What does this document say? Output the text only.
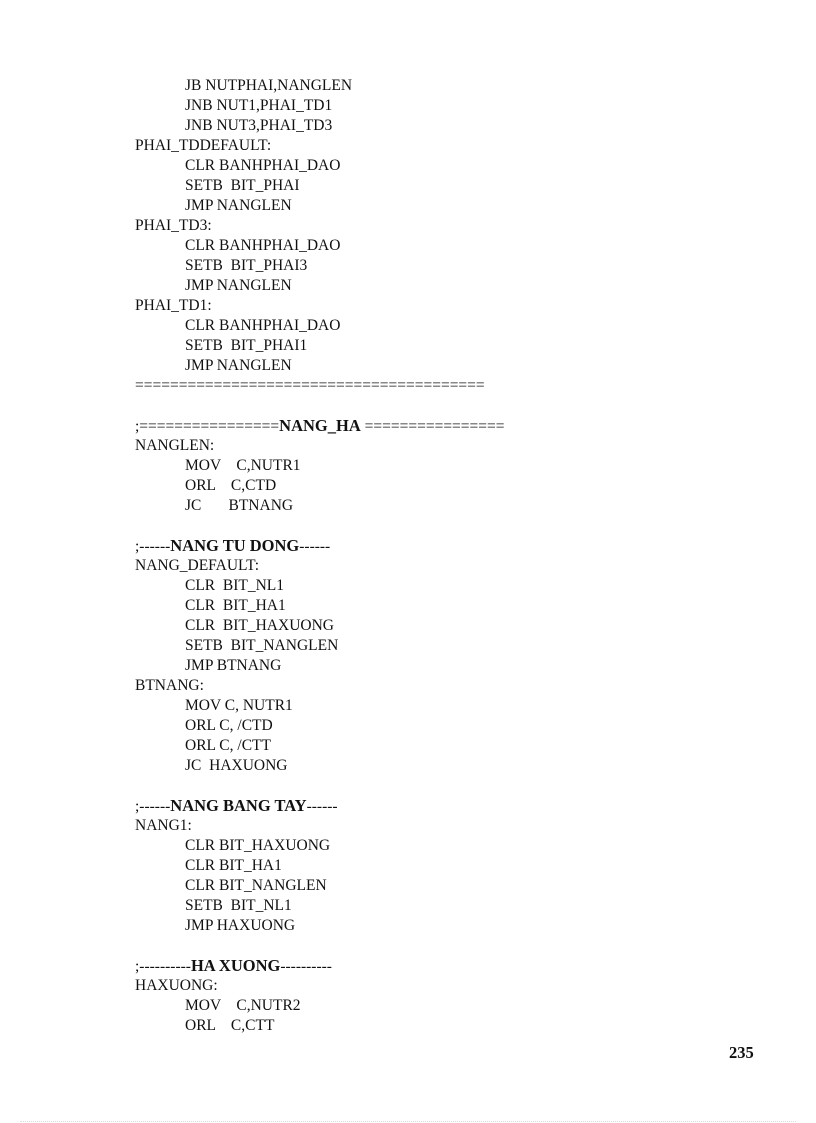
JB NUTPHAI,NANGLEN
JNB NUT1,PHAI_TD1
JNB NUT3,PHAI_TD3
PHAI_TDDEFAULT:
CLR BANHPHAI_DAO
SETB  BIT_PHAI
JMP NANGLEN
PHAI_TD3:
CLR BANHPHAI_DAO
SETB  BIT_PHAI3
JMP NANGLEN
PHAI_TD1:
CLR BANHPHAI_DAO
SETB  BIT_PHAI1
JMP NANGLEN
========================================
;================NANG_HA ================
NANGLEN:
MOV    C,NUTR1
ORL    C,CTD
JC       BTNANG
;------NANG TU DONG------
NANG_DEFAULT:
CLR  BIT_NL1
CLR  BIT_HA1
CLR  BIT_HAXUONG
SETB  BIT_NANGLEN
JMP BTNANG
BTNANG:
MOV C, NUTR1
ORL C, /CTD
ORL C, /CTT
JC  HAXUONG
;------NANG BANG TAY------
NANG1:
CLR BIT_HAXUONG
CLR BIT_HA1
CLR BIT_NANGLEN
SETB  BIT_NL1
JMP HAXUONG
;----------HA XUONG----------
HAXUONG:
MOV    C,NUTR2
ORL    C,CTT
235
